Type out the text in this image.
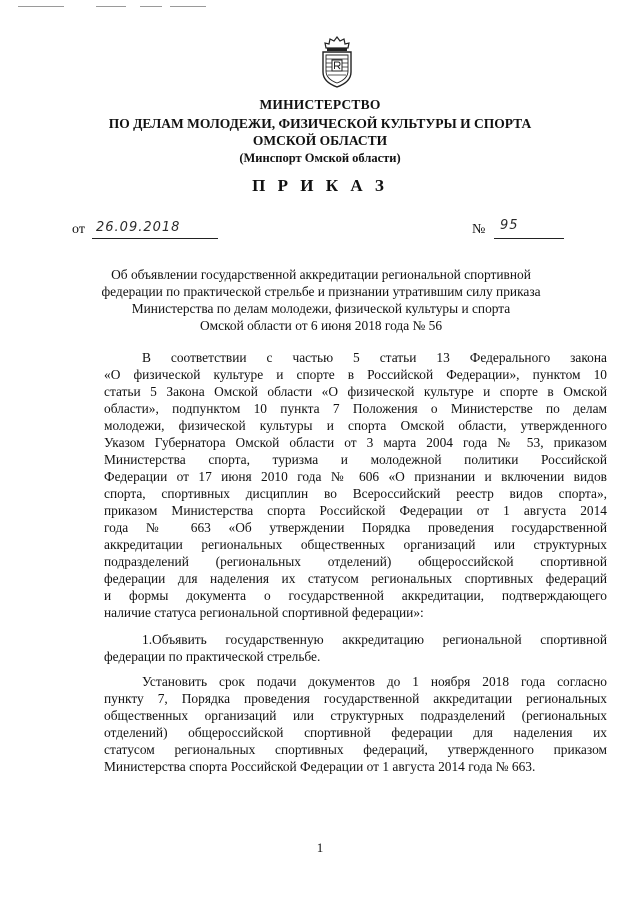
МИНИСТЕРСТВО
ПО ДЕЛАМ МОЛОДЕЖИ, ФИЗИЧЕСКОЙ КУЛЬТУРЫ И СПОРТА
ОМСКОЙ ОБЛАСТИ
(Минспорт Омской области)
П Р И К А З
от 26.09.2018	№ 95
Об объявлении государственной аккредитации региональной спортивной
федерации по практической стрельбе и признании утратившим силу приказа
Министерства по делам молодежи, физической культуры и спорта
Омской области от 6 июня 2018 года № 56
В соответствии с частью 5 статьи 13 Федерального закона
«О физической культуре и спорте в Российской Федерации», пунктом 10
статьи 5 Закона Омской области «О физической культуре и спорте в Омской
области», подпунктом 10 пункта 7 Положения о Министерстве по делам
молодежи, физической культуры и спорта Омской области, утвержденного
Указом Губернатора Омской области от 3 марта 2004 года № 53, приказом
Министерства спорта, туризма и молодежной политики Российской
Федерации от 17 июня 2010 года № 606 «О признании и включении видов
спорта, спортивных дисциплин во Всероссийский реестр видов спорта»,
приказом Министерства спорта Российской Федерации от 1 августа 2014
года № 663 «Об утверждении Порядка проведения государственной
аккредитации региональных общественных организаций или структурных
подразделений (региональных отделений) общероссийской спортивной
федерации для наделения их статусом региональных спортивных федераций
и формы документа о государственной аккредитации, подтверждающего
наличие статуса региональной спортивной федерации»:
1.Объявить государственную аккредитацию региональной спортивной
федерации по практической стрельбе.
Установить срок подачи документов до 1 ноября 2018 года согласно
пункту 7, Порядка проведения государственной аккредитации региональных
общественных организаций или структурных подразделений (региональных
отделений) общероссийской спортивной федерации для наделения их
статусом региональных спортивных федераций, утвержденного приказом
Министерства спорта Российской Федерации от 1 августа 2014 года № 663.
1
